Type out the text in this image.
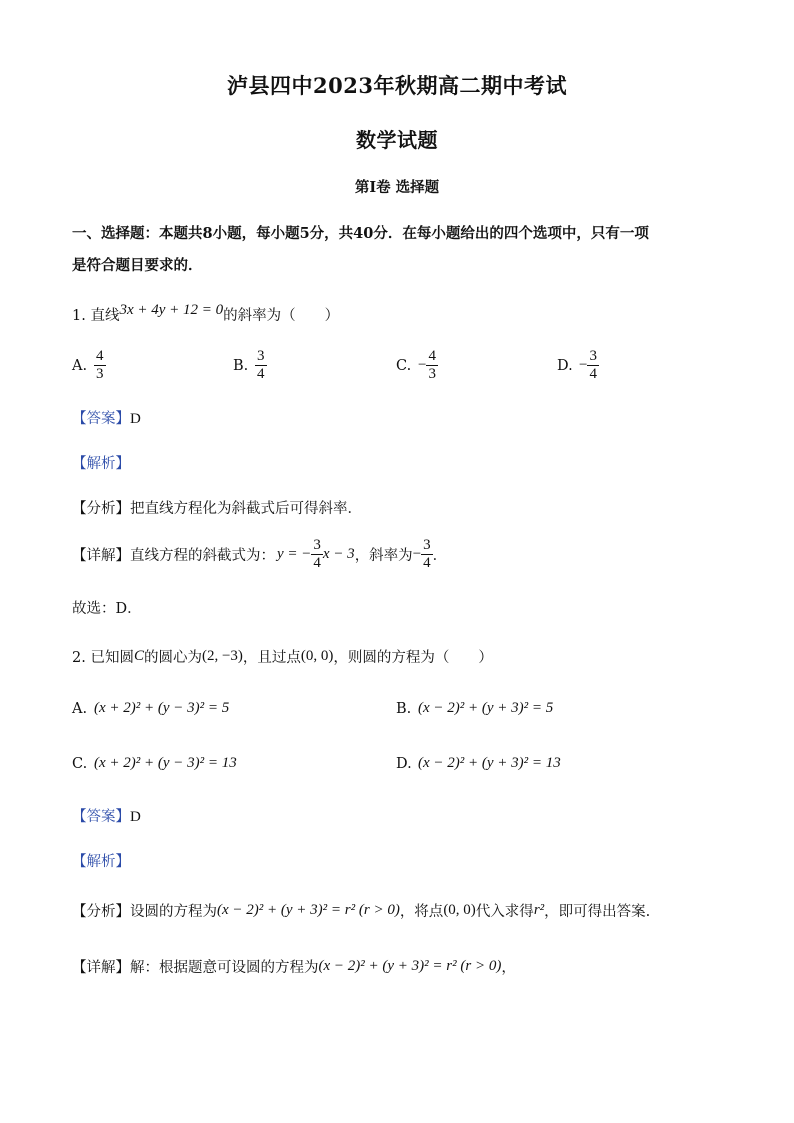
泸县四中2023年秋期高二期中考试
数学试题
第Ⅰ卷 选择题
一、选择题：本题共8小题，每小题5分，共40分．在每小题给出的四个选项中，只有一项
是符合题目要求的．
1. 直线 3x + 4y + 12 = 0 的斜率为（　　）
A. $\frac{4}{3}$	B. $\frac{3}{4}$	C. − $\frac{4}{3}$	D. − $\frac{3}{4}$
【答案】D
【解析】
【分析】把直线方程化为斜截式后可得斜率．
【详解】 直线方程的斜截式为： y = − $\frac{3}{4}$ x − 3 ，斜率为 − $\frac{3}{4}$ ．
故选：D．
2. 已知圆 C 的圆心为 (2, −3) ，且过点 (0, 0) ，则圆的方程为（　　）
A. (x + 2)² + (y − 3)² = 5	B. (x − 2)² + (y + 3)² = 5
C. (x + 2)² + (y − 3)² = 13	D. (x − 2)² + (y + 3)² = 13
【答案】D
【解析】
【分析】 设圆的方程为 (x − 2)² + (y + 3)² = r² (r > 0) ，将点 (0, 0) 代入求得 r² ，即可得出答案.
【详解】 解：根据题意可设圆的方程为 (x − 2)² + (y + 3)² = r² (r > 0) ，
